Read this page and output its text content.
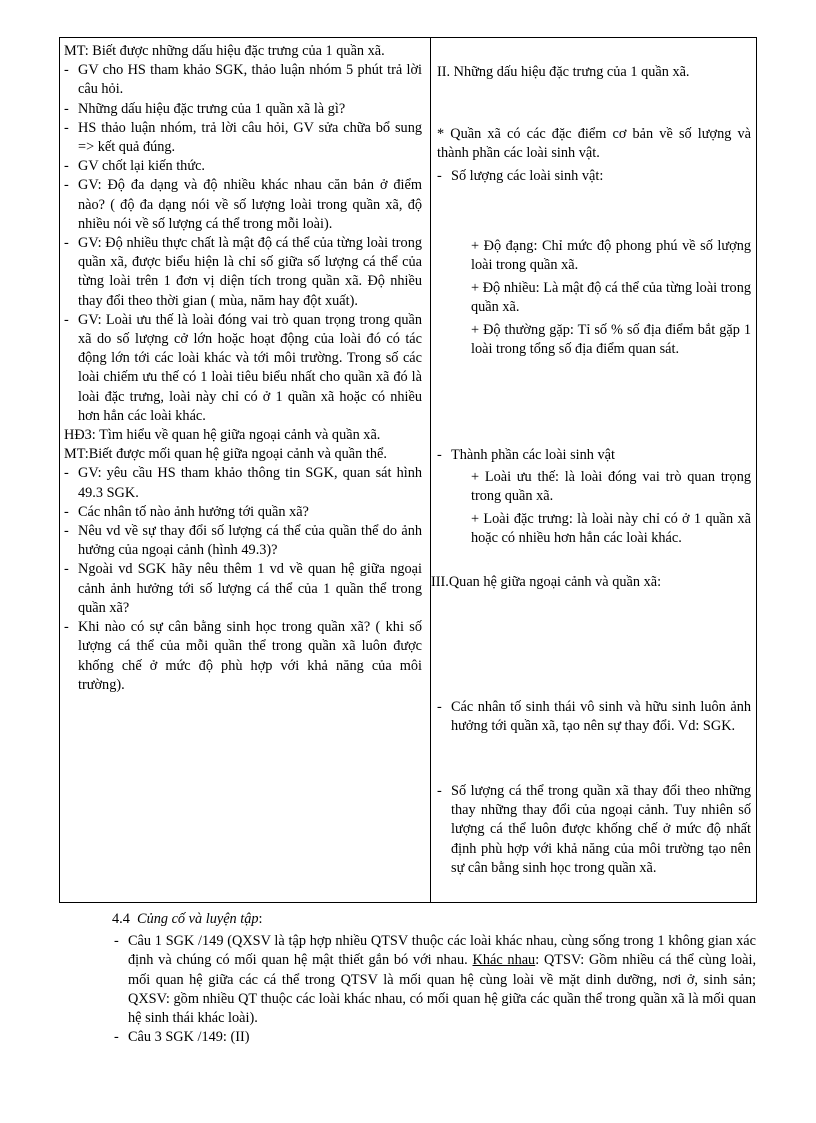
MT: Biết được những dấu hiệu đặc trưng của 1 quần xã.

- GV cho HS tham khảo SGK, thảo luận nhóm 5 phút trả lời câu hỏi.

- Những dấu hiệu đặc trưng của 1 quần xã là gì?

- HS thảo luận nhóm, trả lời câu hỏi, GV sửa chữa bổ sung => kết quả đúng.

- GV chốt lại kiến thức.

- GV: Độ đa dạng và độ nhiều khác nhau căn bản ở điểm nào? ( độ đa dạng nói về số lượng loài trong quần xã, độ nhiều nói về số lượng cá thể trong mỗi loài).

- GV: Độ nhiều thực chất là mật độ cá thể của từng loài trong quần xã, được biểu hiện là chỉ số giữa số lượng cá thể của từng loài trên 1 đơn vị diện tích trong quần xã. Độ nhiều thay đổi theo thời gian ( mùa, năm hay đột xuất).

- GV: Loài ưu thế là loài đóng vai trò quan trọng trong quần xã do số lượng cở lớn hoặc hoạt động của loài đó có tác động lớn tới các loài khác và tới môi trường. Trong số các loài chiếm ưu thế có 1 loài tiêu biểu nhất cho quần xã đó là loài đặc trưng, loài này chỉ có ở 1 quần xã hoặc có nhiều hơn hẳn các loài khác.

HĐ3: Tìm hiểu về quan hệ giữa ngoại cảnh và quần xã.

MT:Biết được mối quan hệ giữa ngoại cảnh và quần thể.

- GV: yêu cầu HS tham khảo thông tin SGK, quan sát hình 49.3 SGK.

- Các nhân tố nào ảnh hưởng tới quần xã?

- Nêu vd về sự thay đổi số lượng cá thể của quần thể do ảnh hưởng của ngoại cảnh (hình 49.3)?

- Ngoài vd SGK hãy nêu thêm 1 vd về quan hệ giữa ngoại cảnh ảnh hưởng tới số lượng cá thể của 1 quần thể trong quần xã?

- Khi nào có sự cân bằng sinh học trong quần xã? ( khi số lượng cá thể của mỗi quần thể trong quần xã luôn được khống chế ở mức độ phù hợp với khả năng của môi trường).

II. Những dấu hiệu đặc trưng của 1 quần xã.

* Quần xã có các đặc điểm cơ bản về số lượng và thành phần các loài sinh vật.

- Số lượng các loài sinh vật:

+ Độ đạng: Chỉ mức độ phong phú về số lượng loài trong quần xã.

+ Độ nhiều: Là mật độ cá thể của từng loài trong quần xã.

+ Độ thường gặp: Tỉ số % số địa điểm bắt gặp 1 loài trong tổng số địa điểm quan sát.

- Thành phần các loài sinh vật

+ Loài ưu thế: là loài đóng vai trò quan trọng trong quần xã.

+ Loài đặc trưng: là loài này chỉ có ở 1 quần xã hoặc có nhiều hơn hẳn các loài khác.

III.Quan hệ giữa ngoại cảnh và quần xã:

- Các nhân tố sinh thái vô sinh và hữu sinh luôn ảnh hưởng tới quần xã, tạo nên sự thay đổi. Vd: SGK.

- Số lượng cá thể trong quần xã thay đổi theo những thay những thay đổi của ngoại cảnh. Tuy nhiên số lượng cá thể luôn được khống chế ở mức độ nhất định phù hợp với khả năng của môi trường tạo nên sự cân bằng sinh học trong quần xã.

4.4 Củng cố và luyện tập:

- Câu 1 SGK /149 (QXSV là tập hợp nhiều QTSV thuộc các loài khác nhau, cùng sống trong 1 không gian xác định và chúng có mối quan hệ mật thiết gắn bó với nhau. Khác nhau: QTSV: Gồm nhiều cá thể cùng loài, mối quan hệ giữa các cá thể trong QTSV là mối quan hệ cùng loài về mặt dinh dưỡng, nơi ở, sinh sản; QXSV: gồm nhiều QT thuộc các loài khác nhau, có mối quan hệ giữa các quần thể trong quần xã là mối quan hệ sinh thái khác loài).

- Câu 3 SGK /149: (II)
